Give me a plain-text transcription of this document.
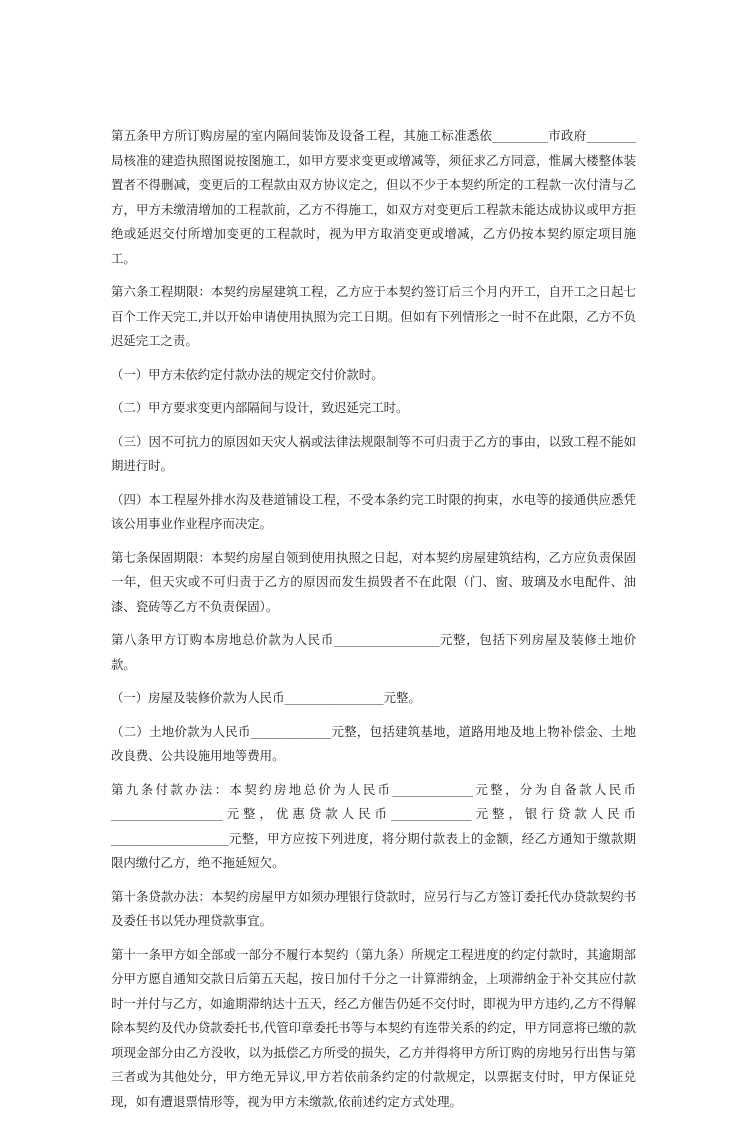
第五条甲方所订购房屋的室内隔间装饰及设备工程，其施工标准悉依_________市政府________局核准的建造执照图说按图施工，如甲方要求变更或增减等，须征求乙方同意，惟属大楼整体装置者不得删减，变更后的工程款由双方协议定之，但以不少于本契约所定的工程款一次付清与乙方，甲方未缴清增加的工程款前，乙方不得施工，如双方对变更后工程款未能达成协议或甲方拒绝或延迟交付所增加变更的工程款时，视为甲方取消变更或增减，乙方仍按本契约原定项目施工。

第六条工程期限：本契约房屋建筑工程，乙方应于本契约签订后三个月内开工，自开工之日起七百个工作天完工,并以开始申请使用执照为完工日期。但如有下列情形之一时不在此限，乙方不负迟延完工之责。

（一）甲方未依约定付款办法的规定交付价款时。

（二）甲方要求变更内部隔间与设计，致迟延完工时。

（三）因不可抗力的原因如天灾人祸或法律法规限制等不可归责于乙方的事由，以致工程不能如期进行时。

（四）本工程屋外排水沟及巷道铺设工程，不受本条约完工时限的拘束，水电等的接通供应悉凭该公用事业作业程序而决定。

第七条保固期限：本契约房屋自领到使用执照之日起，对本契约房屋建筑结构，乙方应负责保固一年，但天灾或不可归责于乙方的原因而发生损毁者不在此限（门、窗、玻璃及水电配件、油漆、瓷砖等乙方不负责保固）。

第八条甲方订购本房地总价款为人民币_________________元整，包括下列房屋及装修土地价款。

（一）房屋及装修价款为人民币________________元整。

（二）土地价款为人民币_____________元整，包括建筑基地，道路用地及地上物补偿金、土地改良费、公共设施用地等费用。

第九条付款办法：本契约房地总价为人民币_____________元整，分为自备款人民币__________________元整，优惠贷款人民币_____________元整，银行贷款人民币___________________元整，甲方应按下列进度，将分期付款表上的金额，经乙方通知于缴款期限内缴付乙方，绝不拖延短欠。

第十条贷款办法：本契约房屋甲方如须办理银行贷款时，应另行与乙方签订委托代办贷款契约书及委任书以凭办理贷款事宜。

第十一条甲方如全部或一部分不履行本契约（第九条）所规定工程进度的约定付款时，其逾期部分甲方愿自通知交款日后第五天起，按日加付千分之一计算滞纳金，上项滞纳金于补交其应付款时一并付与乙方，如逾期滞纳达十五天，经乙方催告仍延不交付时，即视为甲方违约,乙方不得解除本契约及代办贷款委托书,代管印章委托书等与本契约有连带关系的约定，甲方同意将已缴的款项现金部分由乙方没收，以为抵偿乙方所受的损失，乙方并得将甲方所订购的房地另行出售与第三者或为其他处分，甲方绝无异议,甲方若依前条约定的付款规定，以票据支付时，甲方保证兑现，如有遭退票情形等，视为甲方未缴款,依前述约定方式处理。
